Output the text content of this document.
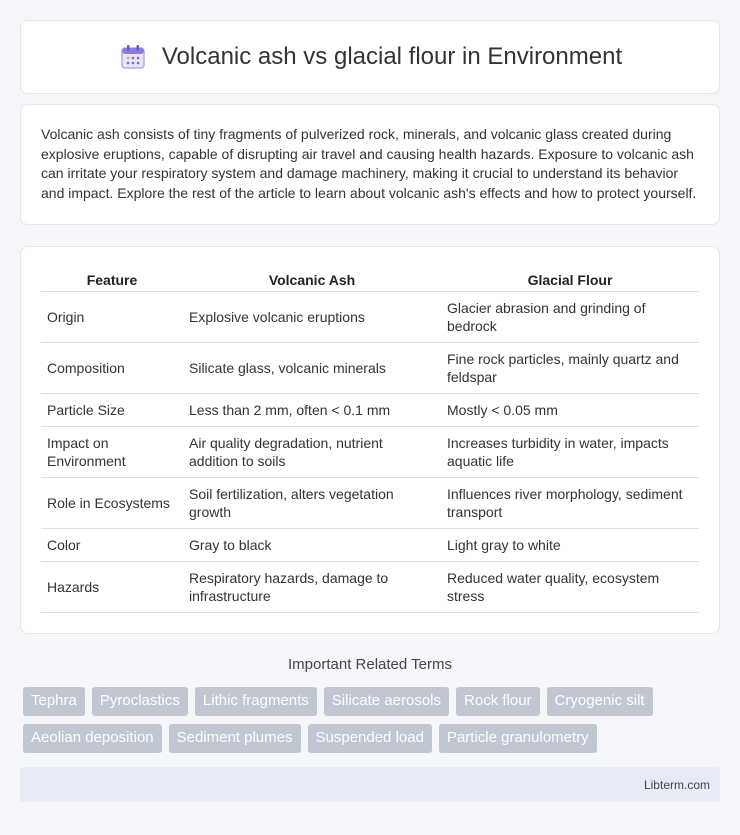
Volcanic ash vs glacial flour in Environment

Volcanic ash consists of tiny fragments of pulverized rock, minerals, and volcanic glass created during explosive eruptions, capable of disrupting air travel and causing health hazards. Exposure to volcanic ash can irritate your respiratory system and damage machinery, making it crucial to understand its behavior and impact. Explore the rest of the article to learn about volcanic ash's effects and how to protect yourself.

Feature	Volcanic Ash	Glacial Flour
Origin	Explosive volcanic eruptions	Glacier abrasion and grinding of bedrock
Composition	Silicate glass, volcanic minerals	Fine rock particles, mainly quartz and feldspar
Particle Size	Less than 2 mm, often < 0.1 mm	Mostly < 0.05 mm
Impact on Environment	Air quality degradation, nutrient addition to soils	Increases turbidity in water, impacts aquatic life
Role in Ecosystems	Soil fertilization, alters vegetation growth	Influences river morphology, sediment transport
Color	Gray to black	Light gray to white
Hazards	Respiratory hazards, damage to infrastructure	Reduced water quality, ecosystem stress
Important Related Terms
Tephra	Pyroclastics	Lithic fragments	Silicate aerosols	Rock flour	Cryogenic silt
Aeolian deposition	Sediment plumes	Suspended load	Particle granulometry
Libterm.com
